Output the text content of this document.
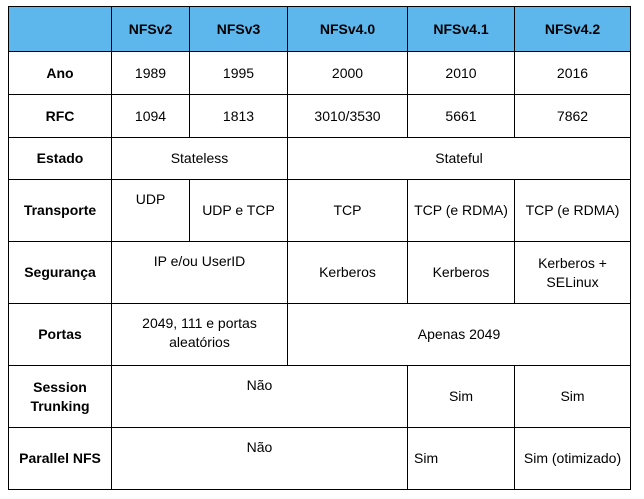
	NFSv2	NFSv3	NFSv4.0	NFSv4.1	NFSv4.2
Ano	1989	1995	2000	2010	2016
RFC	1094	1813	3010/3530	5661	7862
Estado	Stateless		Stateful		
Transporte	UDP	UDP e TCP	TCP	TCP (e RDMA)	TCP (e RDMA)
Segurança	IP e/ou UserID		Kerberos	Kerberos	Kerberos + SELinux
Portas	2049, 111 e portas aleatórios		Apenas 2049		
Session Trunking	Não			Sim	Sim
Parallel NFS	Não			Sim	Sim (otimizado)
